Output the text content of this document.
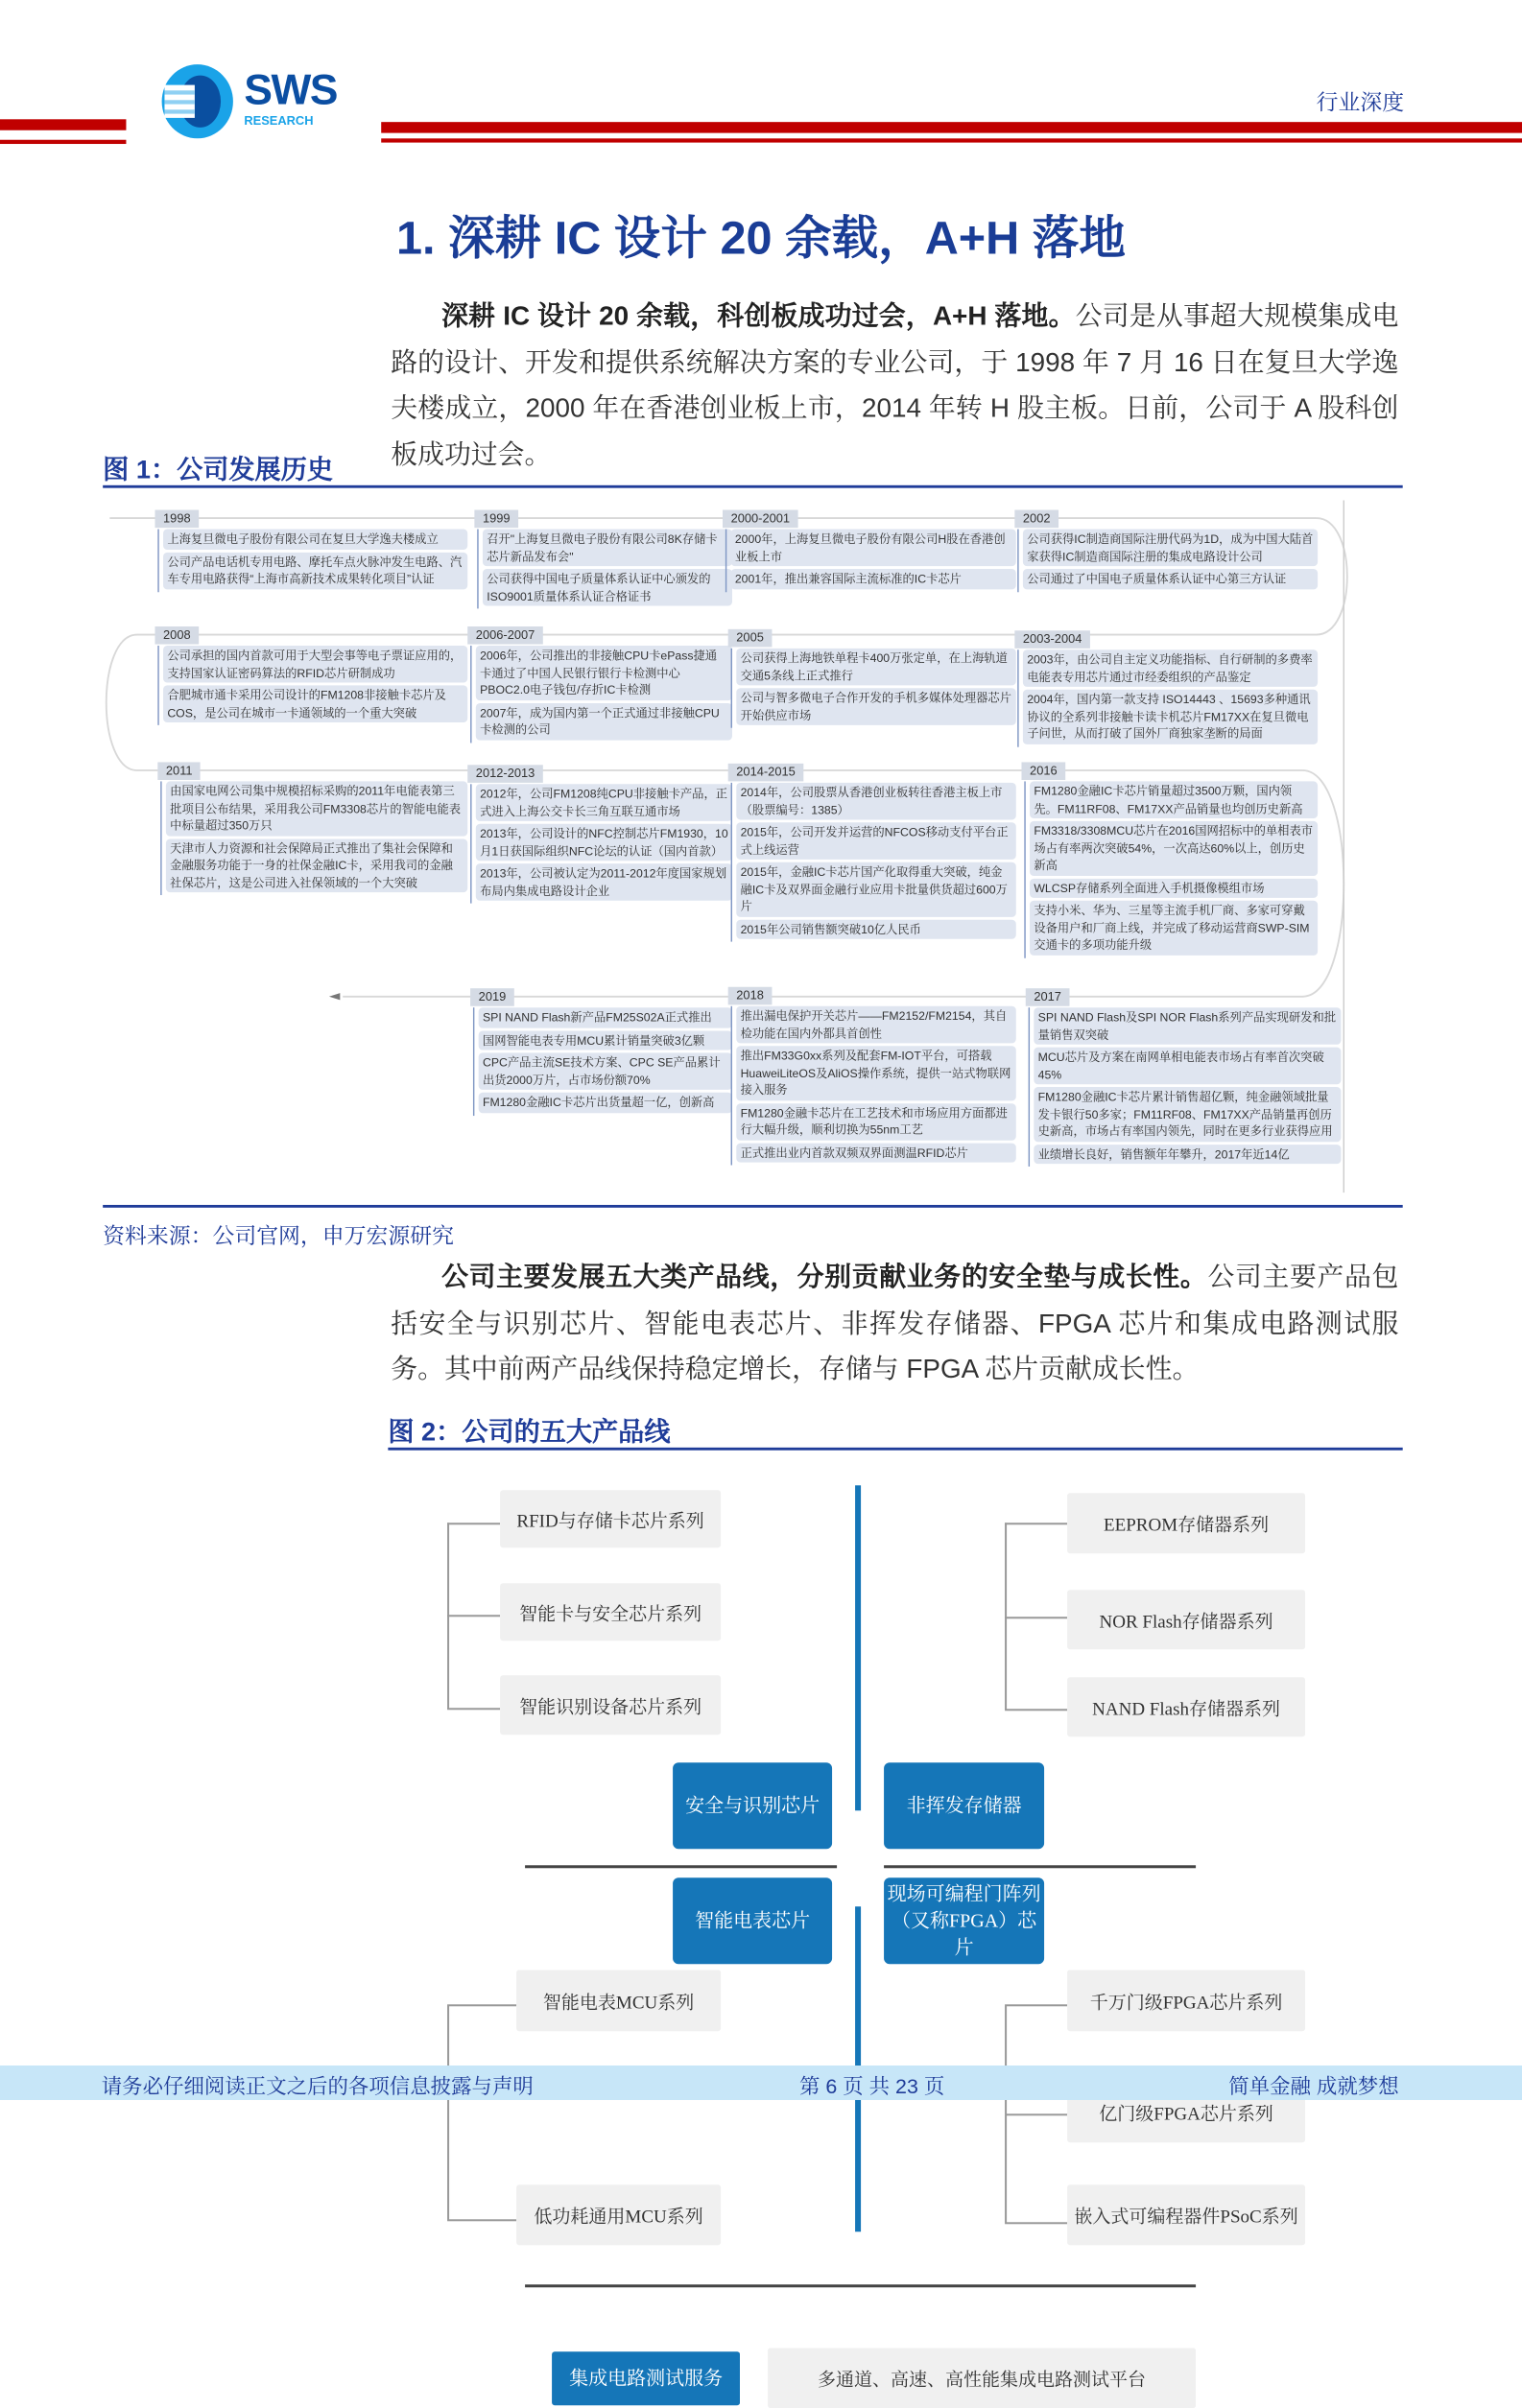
SWS
RESEARCH
行业深度
1. 深耕 IC 设计 20 余载，A+H 落地
深耕 IC 设计 20 余载，科创板成功过会，A+H 落地。公司是从事超大规模集成电路的设计、开发和提供系统解决方案的专业公司，于 1998 年 7 月 16 日在复旦大学逸夫楼成立，2000 年在香港创业板上市，2014 年转 H 股主板。日前，公司于 A 股科创板成功过会。
图 1：公司发展历史
1998
上海复旦微电子股份有限公司在复旦大学逸夫楼成立
公司产品电话机专用电路、摩托车点火脉冲发生电路、汽车专用电路获得“上海市高新技术成果转化项目”认证
1999
召开"上海复旦微电子股份有限公司8K存储卡芯片新品发布会"
公司获得中国电子质量体系认证中心颁发的ISO9001质量体系认证合格证书
2000-2001
2000年，上海复旦微电子股份有限公司H股在香港创业板上市
2001年，推出兼容国际主流标准的IC卡芯片
2002
公司获得IC制造商国际注册代码为1D，成为中国大陆首家获得IC制造商国际注册的集成电路设计公司
公司通过了中国电子质量体系认证中心第三方认证
2008
公司承担的国内首款可用于大型会事等电子票证应用的，支持国家认证密码算法的RFID芯片研制成功
合肥城市通卡采用公司设计的FM1208非接触卡芯片及COS，是公司在城市一卡通领域的一个重大突破
2006-2007
2006年，公司推出的非接触CPU卡ePass捷通卡通过了中国人民银行银行卡检测中心PBOC2.0电子钱包/存折IC卡检测
2007年，成为国内第一个正式通过非接触CPU卡检测的公司
2005
公司获得上海地铁单程卡400万张定单，在上海轨道交通5条线上正式推行
公司与智多微电子合作开发的手机多媒体处理器芯片开始供应市场
2003-2004
2003年，由公司自主定义功能指标、自行研制的多费率电能表专用芯片通过市经委组织的产品鉴定
2004年，国内第一款支持 ISO14443 、15693多种通讯协议的全系列非接触卡读卡机芯片FM17XX在复旦微电子问世，从而打破了国外厂商独家垄断的局面
2011
由国家电网公司集中规模招标采购的2011年电能表第三批项目公布结果，采用我公司FM3308芯片的智能电能表中标量超过350万只
天津市人力资源和社会保障局正式推出了集社会保障和金融服务功能于一身的社保金融IC卡，采用我司的金融社保芯片，这是公司进入社保领域的一个大突破
2012-2013
2012年，公司FM1208纯CPU非接触卡产品，正式进入上海公交卡长三角互联互通市场
2013年，公司设计的NFC控制芯片FM1930，10月1日获国际组织NFC论坛的认证（国内首款）
2013年，公司被认定为2011-2012年度国家规划布局内集成电路设计企业
2014-2015
2014年，公司股票从香港创业板转往香港主板上市（股票编号：1385）
2015年，公司开发并运营的NFCOS移动支付平台正式上线运营
2015年，金融IC卡芯片国产化取得重大突破，纯金融IC卡及双界面金融行业应用卡批量供货超过600万片
2015年公司销售额突破10亿人民币
2016
FM1280金融IC卡芯片销量超过3500万颗，国内领先。FM11RF08、FM17XX产品销量也均创历史新高
FM3318/3308MCU芯片在2016国网招标中的单相表市场占有率两次突破54%，一次高达60%以上，创历史新高
WLCSP存储系列全面进入手机摄像模组市场
支持小米、华为、三星等主流手机厂商、多家可穿戴设备用户和厂商上线，并完成了移动运营商SWP-SIM交通卡的多项功能升级
2019
SPI NAND Flash新产品FM25S02A正式推出
国网智能电表专用MCU累计销量突破3亿颗
CPC产品主流SE技术方案、CPC SE产品累计出货2000万片，占市场份额70%
FM1280金融IC卡芯片出货量超一亿，创新高
2018
推出漏电保护开关芯片——FM2152/FM2154，其自检功能在国内外都具首创性
推出FM33G0xx系列及配套FM-IOT平台，可搭载HuaweiLiteOS及AliOS操作系统，提供一站式物联网接入服务
FM1280金融卡芯片在工艺技术和市场应用方面都进行大幅升级，顺利切换为55nm工艺
正式推出业内首款双频双界面测温RFID芯片
2017
SPI NAND Flash及SPI NOR Flash系列产品实现研发和批量销售双突破
MCU芯片及方案在南网单相电能表市场占有率首次突破45%
FM1280金融IC卡芯片累计销售超亿颗，纯金融领域批量发卡银行50多家；FM11RF08、FM17XX产品销量再创历史新高，市场占有率国内领先，同时在更多行业获得应用
业绩增长良好，销售额年年攀升，2017年近14亿
资料来源：公司官网，申万宏源研究
公司主要发展五大类产品线，分别贡献业务的安全垫与成长性。公司主要产品包括安全与识别芯片、智能电表芯片、非挥发存储器、FPGA 芯片和集成电路测试服务。其中前两产品线保持稳定增长，存储与 FPGA 芯片贡献成长性。
图 2：公司的五大产品线
RFID与存储卡芯片系列
智能卡与安全芯片系列
智能识别设备芯片系列
EEPROM存储器系列
NOR Flash存储器系列
NAND Flash存储器系列
安全与识别芯片	非挥发存储器
智能电表芯片
现场可编程门阵列
（又称FPGA）芯片
智能电表MCU系列
低功耗通用MCU系列
千万门级FPGA芯片系列
亿门级FPGA芯片系列
嵌入式可编程器件PSoC系列
集成电路测试服务	多通道、高速、高性能集成电路测试平台
请务必仔细阅读正文之后的各项信息披露与声明	第 6 页 共 23 页	简单金融 成就梦想
